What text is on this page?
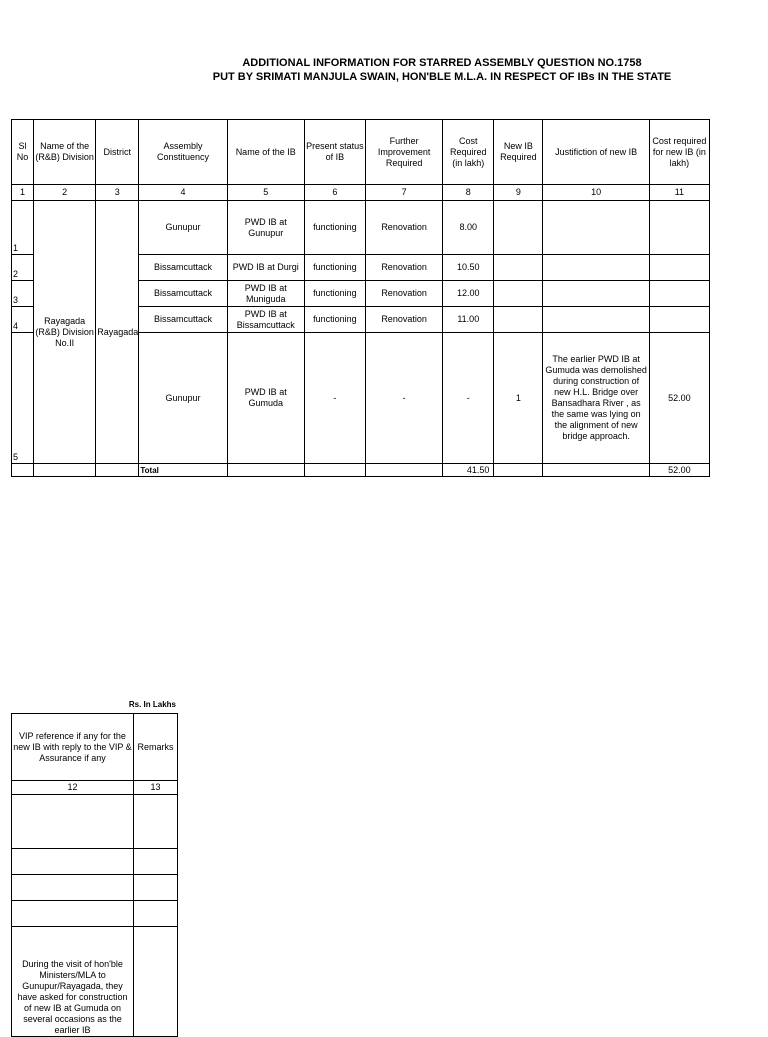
ADDITIONAL INFORMATION FOR STARRED ASSEMBLY QUESTION NO.1758
PUT BY SRIMATI MANJULA SWAIN, HON'BLE M.L.A. IN RESPECT OF IBs IN THE STATE
Sl No	Name of the (R&B) Division	District	Assembly Constituency	Name of the IB	Present status of IB	Further Improvement Required	Cost Required (in lakh)	New IB Required	Justifiction of new IB	Cost required for new IB (in lakh)
1	2	3	4	5	6	7	8	9	10	11
1	Rayagada (R&B) Division No.II	Rayagada	Gunupur	PWD IB at Gunupur	functioning	Renovation	8.00			
2			Bissamcuttack	PWD IB at Durgi	functioning	Renovation	10.50			
3			Bissamcuttack	PWD IB at Muniguda	functioning	Renovation	12.00			
4			Bissamcuttack	PWD IB at Bissamcuttack	functioning	Renovation	11.00			
5			Gunupur	PWD IB at Gumuda	-	-	-	1	The earlier PWD IB at Gumuda was demolished during construction of new H.L. Bridge over Bansadhara River , as the same was lying on the alignment of new bridge approach.	52.00
			Total				41.50			52.00
Rs. In Lakhs
VIP reference if any for the new IB with reply to the VIP & Assurance if any	Remarks
12	13

During the visit of hon'ble Ministers/MLA to Gunupur/Rayagada, they have asked for construction of new IB at Gumuda on several occasions as the earlier IB	
